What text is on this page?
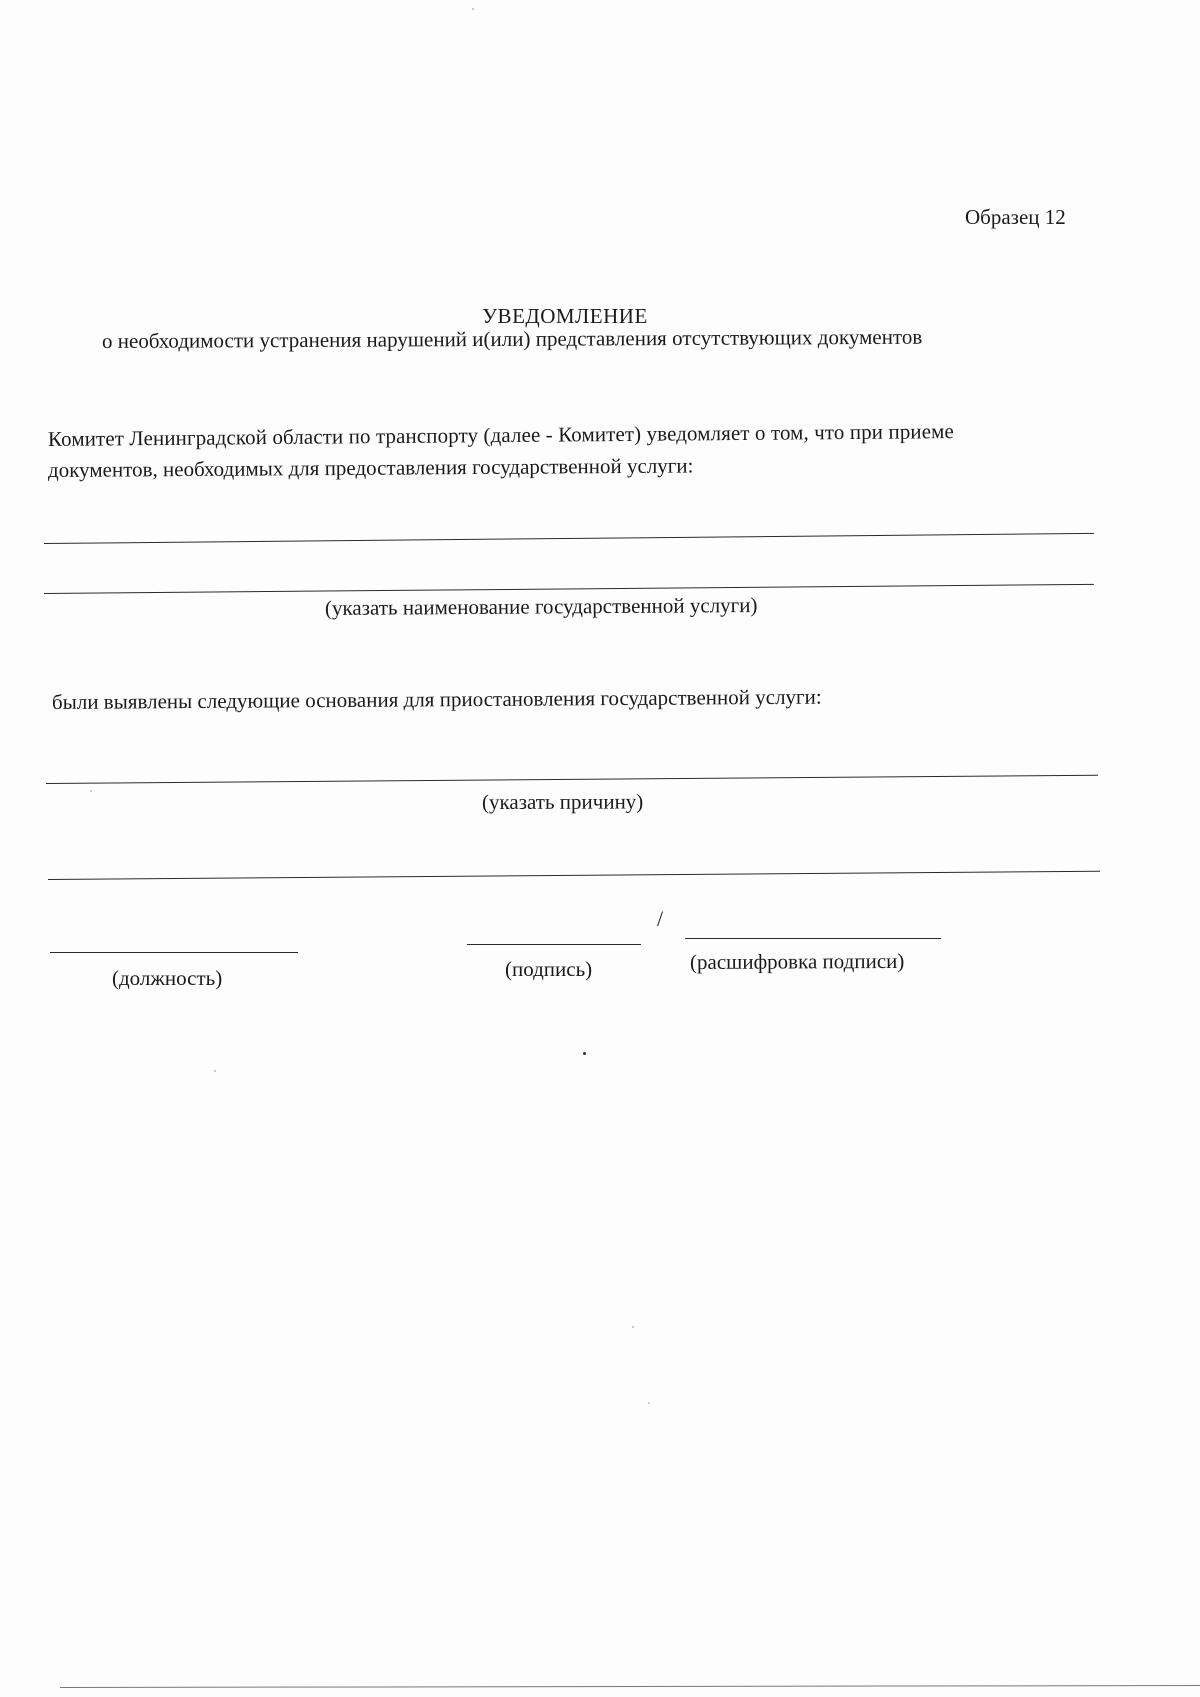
Образец 12
УВЕДОМЛЕНИЕ
о необходимости устранения нарушений и(или) представления отсутствующих документов
Комитет Ленинградской области по транспорту (далее - Комитет) уведомляет о том, что при приеме
документов, необходимых для предоставления государственной услуги:
(указать наименование государственной услуги)
были выявлены следующие основания для приостановления государственной услуги:
(указать причину)
/
(должность)	(подпись)	(расшифровка подписи)
